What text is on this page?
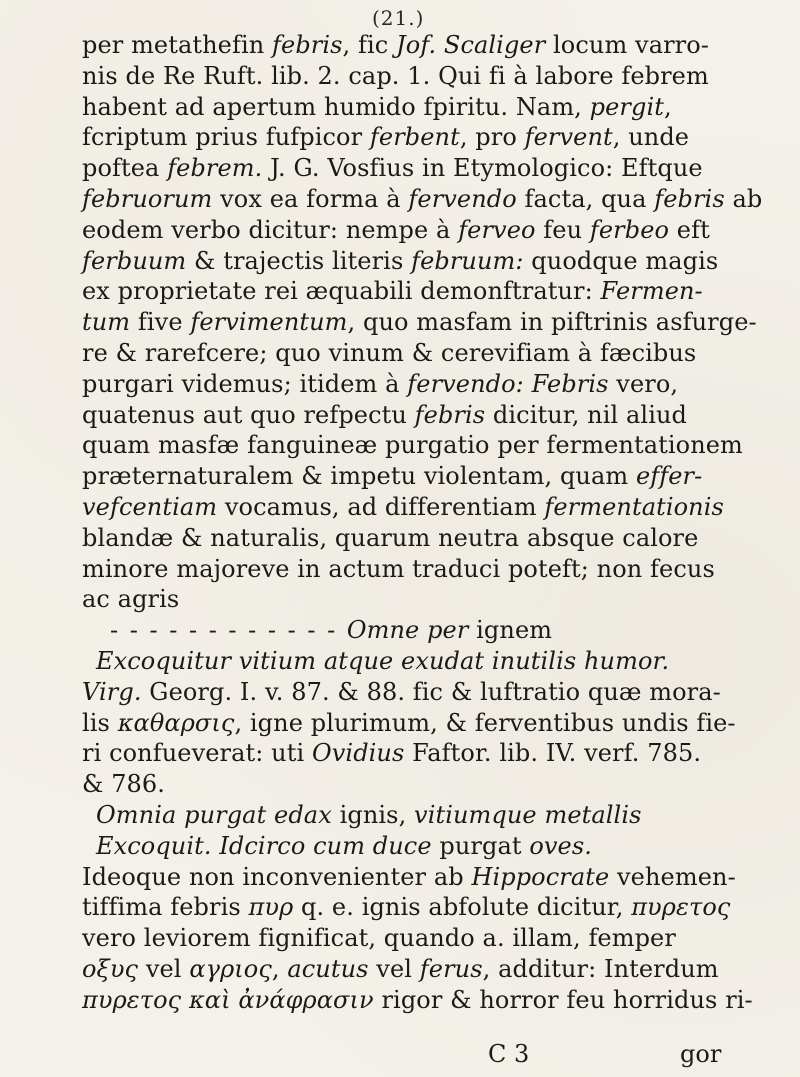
(21.)
per metathefin febris, fic Jof. Scaliger locum varro-
nis de Re Ruft. lib. 2. cap. 1. Qui fi à labore febrem
habent ad apertum humido fpiritu. Nam, pergit,
fcriptum prius fufpicor ferbent, pro fervent, unde
poftea febrem. J. G. Vosfius in Etymologico: Eftque
februorum vox ea forma à fervendo facta, qua febris ab
eodem verbo dicitur: nempe à ferveo feu ferbeo eft
ferbuum & trajectis literis februum: quodque magis
ex proprietate rei æquabili demonftratur: Fermen-
tum five fervimentum, quo masfam in piftrinis asfurge-
re & rarefcere; quo vinum & cerevifiam à fæcibus
purgari videmus; itidem à fervendo: Febris vero,
quatenus aut quo refpectu febris dicitur, nil aliud
quam masfæ fanguineæ purgatio per fermentationem
præternaturalem & impetu violentam, quam effer-
vefcentiam vocamus, ad differentiam fermentationis
blandæ & naturalis, quarum neutra absque calore
minore majoreve in actum traduci poteft; non fecus
ac agris
- - - - - - - - - - - - Omne per ignem
Excoquitur vitium atque exudat inutilis humor.
Virg. Georg. I. v. 87. & 88. fic & luftratio quæ mora-
lis καθαρσις, igne plurimum, & ferventibus undis fie-
ri confueverat: uti Ovidius Faftor. lib. IV. verf. 785.
& 786.
Omnia purgat edax ignis, vitiumque metallis
Excoquit. Idcirco cum duce purgat oves.
Ideoque non inconvenienter ab Hippocrate vehemen-
tiffima febris πυρ q. e. ignis abfolute dicitur, πυρετος
vero leviorem fignificat, quando a. illam, femper
οξυς vel αγριος, acutus vel ferus, additur: Interdum
πυρετος καὶ ἀνάφρασιν rigor & horror feu horridus ri-
C 3	gor
